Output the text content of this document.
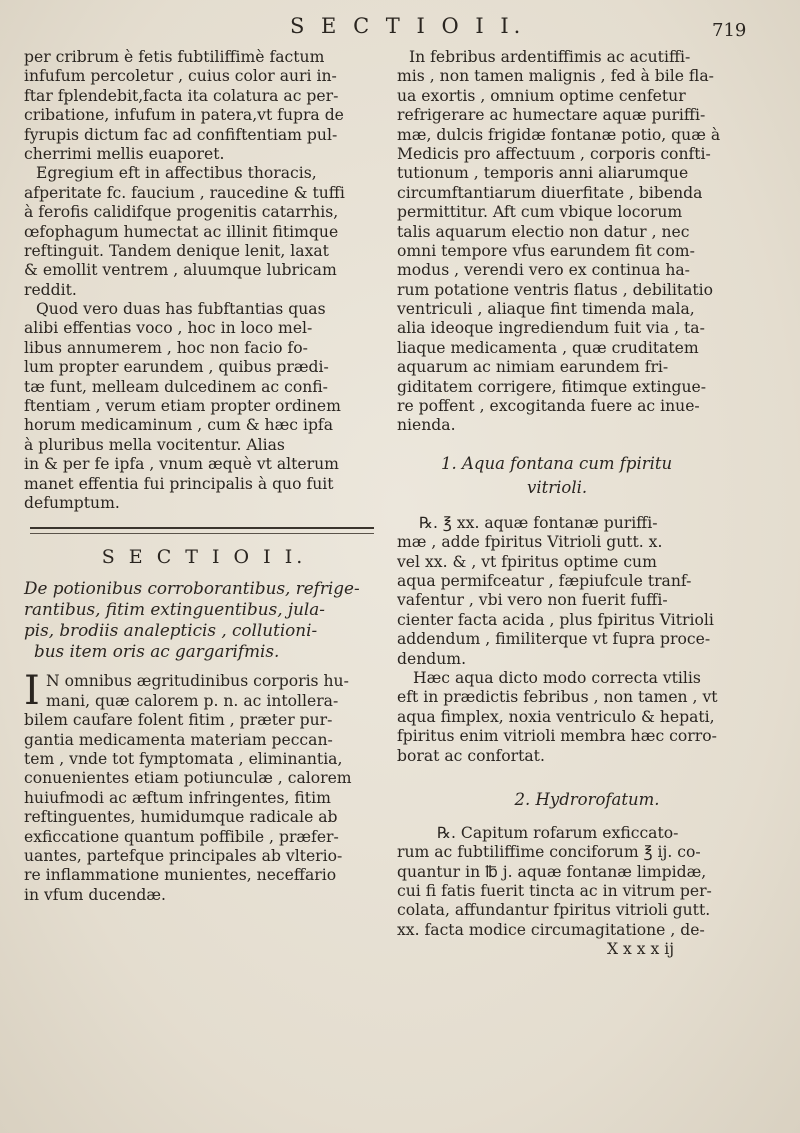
S E C T I O I I.	719
per cribrum è fetis fubtiliffimè factum
infufum percoletur , cuius color auri in-
ftar fplendebit,facta ita colatura ac per-
cribatione, infufum in patera,vt fupra de
fyrupis dictum fac ad confiftentiam pul-
cherrimi mellis euaporet.
Egregium eft in affectibus thoracis,
afperitate fc. faucium , raucedine & tuffi
à ferofis calidifque progenitis catarrhis,
œfophagum humectat ac illinit fitimque
reftinguit. Tandem denique lenit, laxat
& emollit ventrem , aluumque lubricam
reddit.
Quod vero duas has fubftantias quas
alibi effentias voco , hoc in loco mel-
libus annumerem , hoc non facio fo-
lum propter earundem , quibus prædi-
tæ funt, melleam dulcedinem ac confi-
ftentiam , verum etiam propter ordinem
horum medicaminum , cum & hæc ipfa
à pluribus mella vocitentur. Alias
in & per fe ipfa , vnum æquè vt alterum
manet effentia fui principalis à quo fuit
defumptum.
S E C T I O I I.
De potionibus corroborantibus, refrige-
rantibus, fitim extinguentibus, jula-
pis, brodiis analepticis , collutioni-
bus item oris ac gargarifmis.
I N omnibus ægritudinibus corporis hu-
mani, quæ calorem p. n. ac intollera-
bilem caufare folent fitim , præter pur-
gantia medicamenta materiam peccan-
tem , vnde tot fymptomata , eliminantia,
conuenientes etiam potiunculæ , calorem
huiufmodi ac æftum infringentes, fitim
reftinguentes, humidumque radicale ab
exficcatione quantum poffibile , præfer-
uantes, partefque principales ab vlterio-
re inflammatione munientes, neceffario
in vfum ducendæ.
In febribus ardentiffimis ac acutiffi-
mis , non tamen malignis , fed à bile fla-
ua exortis , omnium optime cenfetur
refrigerare ac humectare aquæ puriffi-
mæ, dulcis frigidæ fontanæ potio, quæ à
Medicis pro affectuum , corporis confti-
tutionum , temporis anni aliarumque
circumftantiarum diuerfitate , bibenda
permittitur. Aft cum vbique locorum
talis aquarum electio non datur , nec
omni tempore vfus earundem fit com-
modus , verendi vero ex continua ha-
rum potatione ventris flatus , debilitatio
ventriculi , aliaque fint timenda mala,
alia ideoque ingrediendum fuit via , ta-
liaque medicamenta , quæ cruditatem
aquarum ac nimiam earundem fri-
giditatem corrigere, fitimque extingue-
re poffent , excogitanda fuere ac inue-
nienda.
1. Aqua fontana cum fpiritu
vitrioli.
℞. ℥ xx. aquæ fontanæ puriffi-
mæ , adde fpiritus Vitrioli gutt. x.
vel xx. & , vt fpiritus optime cum
aqua permifceatur , fæpiufcule tranf-
vafentur , vbi vero non fuerit fuffi-
cienter facta acida , plus fpiritus Vitrioli
addendum , fimiliterque vt fupra proce-
dendum.
Hæc aqua dicto modo correcta vtilis
eft in prædictis febribus , non tamen , vt
aqua fimplex, noxia ventriculo & hepati,
fpiritus enim vitrioli membra hæc corro-
borat ac confortat.
2. Hydrorofatum.
℞. Capitum rofarum exficcato-
rum ac fubtiliffime conciforum ℥ ij. co-
quantur in ℔ j. aquæ fontanæ limpidæ,
cui fi fatis fuerit tincta ac in vitrum per-
colata, affundantur fpiritus vitrioli gutt.
xx. facta modice circumagitatione , de-
X x x x ij
